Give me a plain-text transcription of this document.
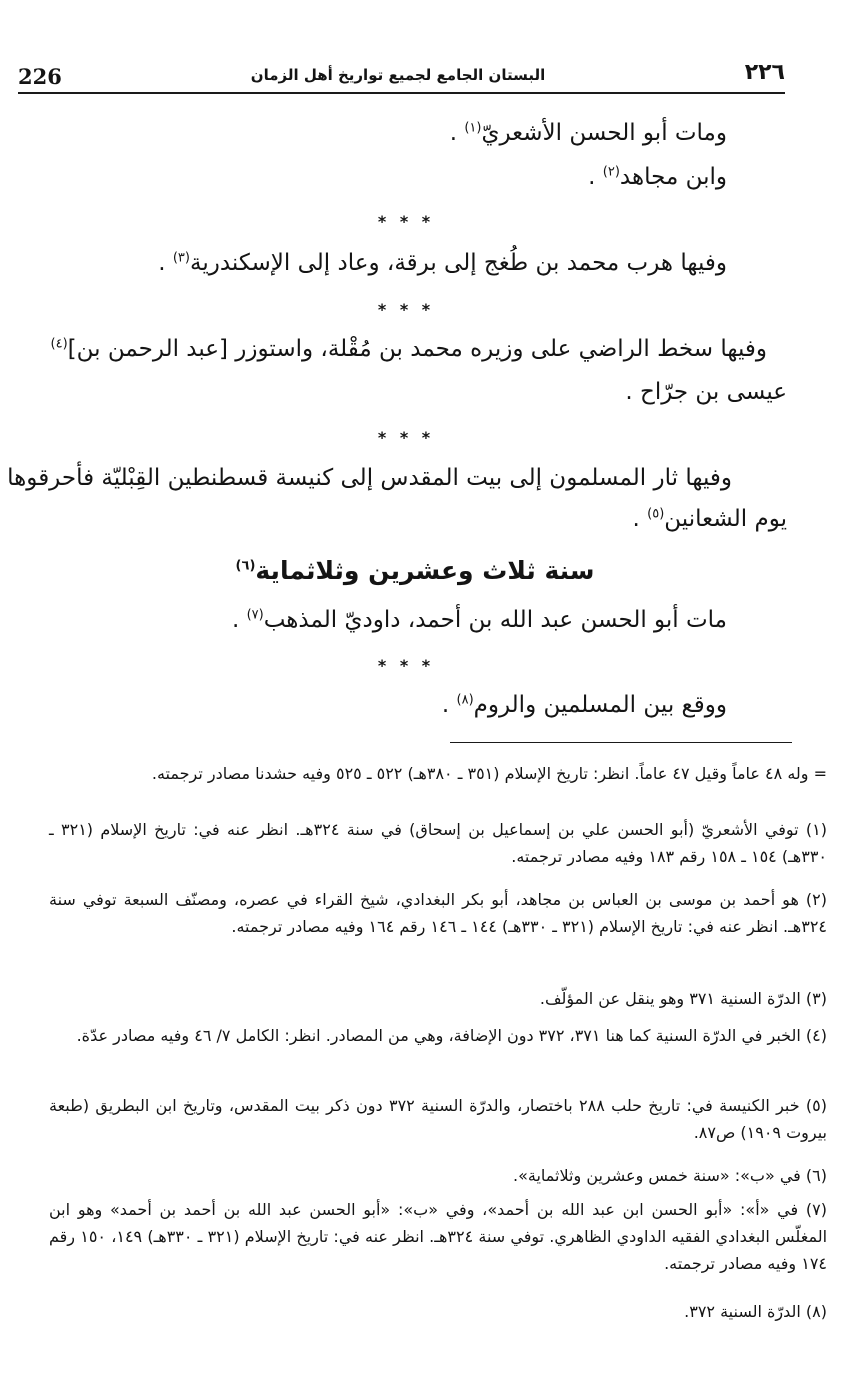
226	البستان الجامع لجميع تواريخ أهل الزمان	٢٢٦
ومات أبو الحسن الأشعريّ$^{(١)}$ .
وابن مجاهد$^{(٢)}$ .
* * *
وفيها هرب محمد بن طُغج إلى برقة، وعاد إلى الإسكندرية$^{(٣)}$ .
* * *
وفيها سخط الراضي على وزيره محمد بن مُقْلة، واستوزر [عبد الرحمن بن]$^{(٤)}$
عيسى بن جرّاح .
* * *
وفيها ثار المسلمون إلى بيت المقدس إلى كنيسة قسطنطين القِبْليّة فأحرقوها
يوم الشعانين$^{(٥)}$ .
سنة ثلاث وعشرين وثلاثماية$^{(٦)}$
مات أبو الحسن عبد الله بن أحمد، داوديّ المذهب$^{(٧)}$ .
* * *
ووقع بين المسلمين والروم$^{(٨)}$ .
= وله ٤٨ عاماً وقيل ٤٧ عاماً. انظر: تاريخ الإسلام (٣٥١ ـ ٣٨٠هـ) ٥٢٢ ـ ٥٢٥ وفيه حشدنا مصادر ترجمته.
(١) توفي الأشعريّ (أبو الحسن علي بن إسماعيل بن إسحاق) في سنة ٣٢٤هـ. انظر عنه في: تاريخ الإسلام (٣٢١ ـ ٣٣٠هـ) ١٥٤ ـ ١٥٨ رقم ١٨٣ وفيه مصادر ترجمته.
(٢) هو أحمد بن موسى بن العباس بن مجاهد، أبو بكر البغدادي، شيخ القراء في عصره، ومصنّف السبعة توفي سنة ٣٢٤هـ. انظر عنه في: تاريخ الإسلام (٣٢١ ـ ٣٣٠هـ) ١٤٤ ـ ١٤٦ رقم ١٦٤ وفيه مصادر ترجمته.
(٣) الدرّة السنية ٣٧١ وهو ينقل عن المؤلّف.
(٤) الخبر في الدرّة السنية كما هنا ٣٧١، ٣٧٢ دون الإضافة، وهي من المصادر. انظر: الكامل ٧/ ٤٦ وفيه مصادر عدّة.
(٥) خبر الكنيسة في: تاريخ حلب ٢٨٨ باختصار، والدرّة السنية ٣٧٢ دون ذكر بيت المقدس، وتاريخ ابن البطريق (طبعة بيروت ١٩٠٩) ص٨٧.
(٦) في «ب»: «سنة خمس وعشرين وثلاثماية».
(٧) في «أ»: «أبو الحسن ابن عبد الله بن أحمد»، وفي «ب»: «أبو الحسن عبد الله بن أحمد بن أحمد» وهو ابن المغلّس البغدادي الفقيه الداودي الظاهري. توفي سنة ٣٢٤هـ. انظر عنه في: تاريخ الإسلام (٣٢١ ـ ٣٣٠هـ) ١٤٩، ١٥٠ رقم ١٧٤ وفيه مصادر ترجمته.
(٨) الدرّة السنية ٣٧٢.
